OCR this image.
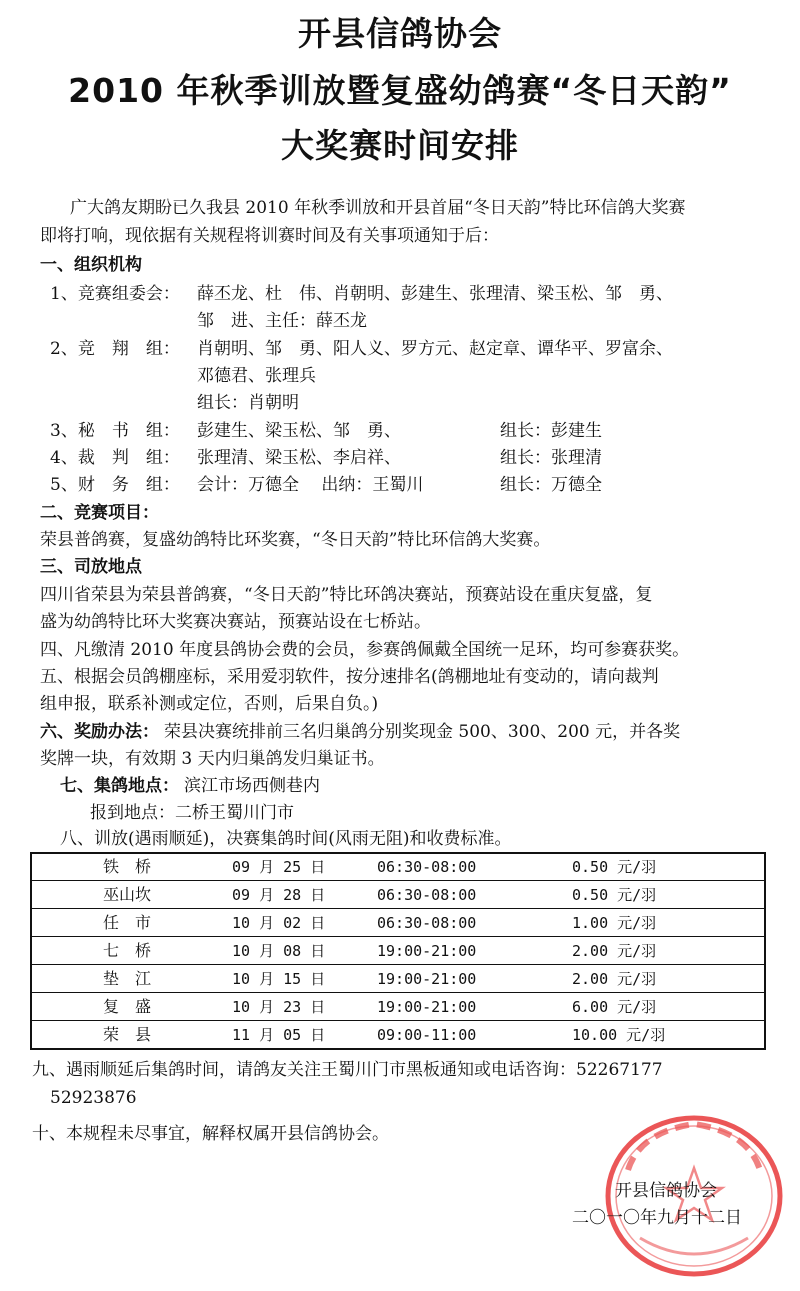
开县信鸽协会
2010 年秋季训放暨复盛幼鸽赛“冬日天韵”
大奖赛时间安排
广大鸽友期盼已久我县 2010 年秋季训放和开县首届“冬日天韵”特比环信鸽大奖赛
即将打响，现依据有关规程将训赛时间及有关事项通知于后：
一、组织机构
1、竞赛组委会： 薛丕龙、杜　伟、肖朝明、彭建生、张理清、梁玉松、邹　勇、
邹　进、主任：薛丕龙
2、竞　翔　组： 肖朝明、邹　勇、阳人义、罗方元、赵定章、谭华平、罗富余、
邓德君、张理兵
组长：肖朝明
3、秘　书　组： 彭建生、梁玉松、邹　勇、	组长：彭建生
4、裁　判　组： 张理清、梁玉松、李启祥、	组长：张理清
5、财　务　组： 会计：万德全　 出纳：王蜀川	组长：万德全
二、竞赛项目：
荣县普鸽赛，复盛幼鸽特比环奖赛，“冬日天韵”特比环信鸽大奖赛。
三、司放地点
四川省荣县为荣县普鸽赛，“冬日天韵”特比环鸽决赛站，预赛站设在重庆复盛，复
盛为幼鸽特比环大奖赛决赛站，预赛站设在七桥站。
四、凡缴清 2010 年度县鸽协会费的会员，参赛鸽佩戴全国统一足环，均可参赛获奖。
五、根据会员鸽棚座标，采用爱羽软件，按分速排名(鸽棚地址有变动的，请向裁判
组申报，联系补测或定位，否则，后果自负。)
六、奖励办法： 荣县决赛统排前三名归巢鸽分别奖现金 500、300、200 元，并各奖
奖牌一块，有效期 3 天内归巢鸽发归巢证书。
七、集鸽地点： 滨江市场西侧巷内
报到地点：二桥王蜀川门市
八、训放(遇雨顺延)，决赛集鸽时间(风雨无阻)和收费标准。
铁　桥	09 月 25 日	06:30-08:00	0.50 元/羽
巫山坎	09 月 28 日	06:30-08:00	0.50 元/羽
任　市	10 月 02 日	06:30-08:00	1.00 元/羽
七　桥	10 月 08 日	19:00-21:00	2.00 元/羽
垫　江	10 月 15 日	19:00-21:00	2.00 元/羽
复　盛	10 月 23 日	19:00-21:00	6.00 元/羽
荣　县	11 月 05 日	09:00-11:00	10.00 元/羽
九、遇雨顺延后集鸽时间，请鸽友关注王蜀川门市黑板通知或电话咨询：52267177
52923876
十、本规程未尽事宜，解释权属开县信鸽协会。
开县信鸽协会
二〇一〇年九月十二日
